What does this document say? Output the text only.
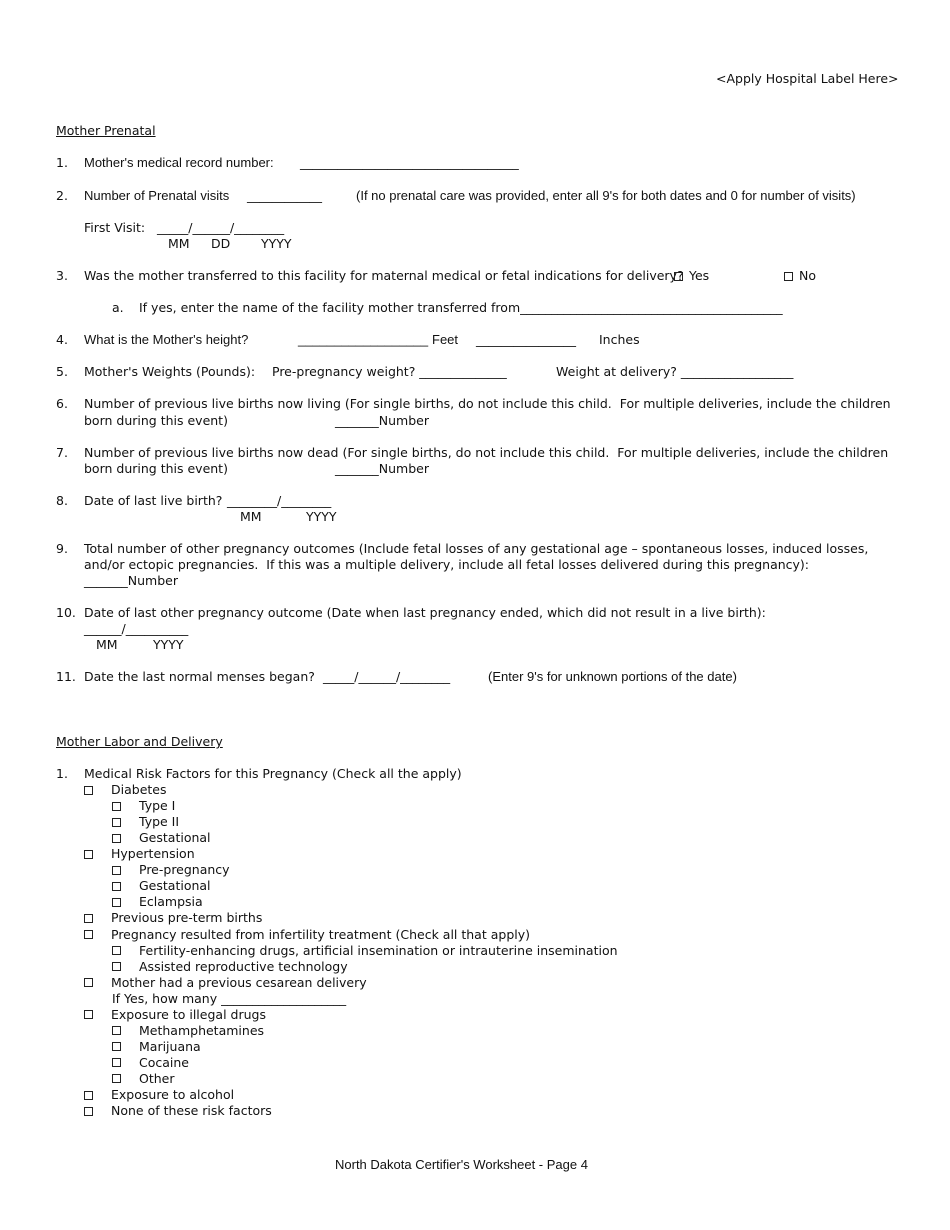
<Apply Hospital Label Here>
Mother Prenatal
1. Mother's medical record number: ___________________________________
2. Number of Prenatal visits ____________	(If no prenatal care was provided, enter all 9's for both dates and 0 for number of visits)
First Visit: _____/______/________
MM DD YYYY
3. Was the mother transferred to this facility for maternal medical or fetal indications for delivery? Yes	No
a. If yes, enter the name of the facility mother transferred from__________________________________________
4. What is the Mother's height?	__________________ Feet ________________ Inches
5. Mother's Weights (Pounds): Pre-pregnancy weight? ______________	Weight at delivery? __________________
6. Number of previous live births now living (For single births, do not include this child.  For multiple deliveries, include the children
born during this event)	_______Number
7. Number of previous live births now dead (For single births, do not include this child.  For multiple deliveries, include the children
born during this event)	_______Number
8. Date of last live birth? ________/________
MM	YYYY
9. Total number of other pregnancy outcomes (Include fetal losses of any gestational age – spontaneous losses, induced losses,
and/or ectopic pregnancies.  If this was a multiple delivery, include all fetal losses delivered during this pregnancy):
_______Number
10. Date of last other pregnancy outcome (Date when last pregnancy ended, which did not result in a live birth):
______/__________
MM	YYYY
11. Date the last normal menses began? _____/______/________	(Enter 9's for unknown portions of the date)
Mother Labor and Delivery
1. Medical Risk Factors for this Pregnancy (Check all the apply)
Diabetes
Type I
Type II
Gestational
Hypertension
Pre-pregnancy
Gestational
Eclampsia
Previous pre-term births
Pregnancy resulted from infertility treatment (Check all that apply)
Fertility-enhancing drugs, artificial insemination or intrauterine insemination
Assisted reproductive technology
Mother had a previous cesarean delivery
If Yes, how many ____________________
Exposure to illegal drugs
Methamphetamines
Marijuana
Cocaine
Other
Exposure to alcohol
None of these risk factors
North Dakota Certifier's Worksheet - Page 4
